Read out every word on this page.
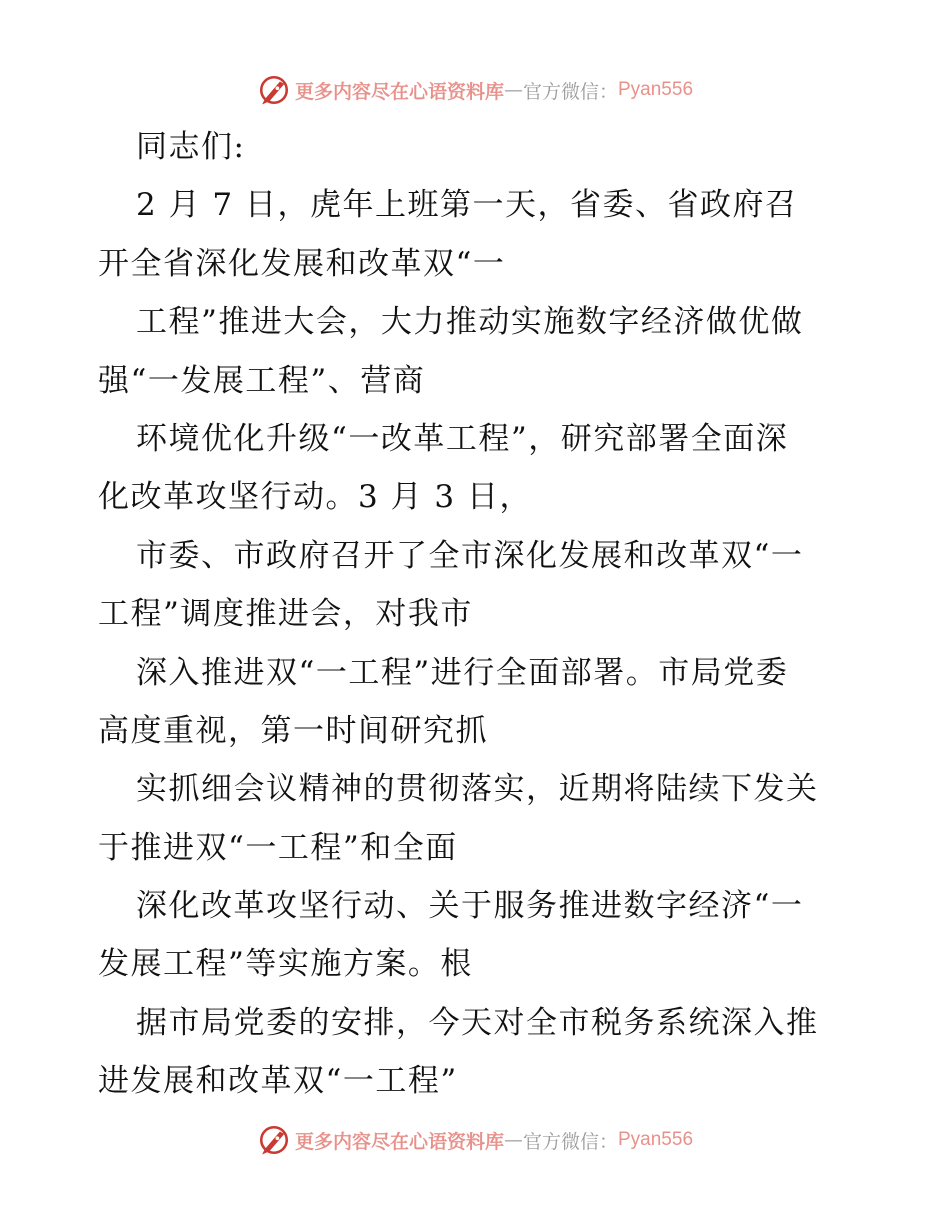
更多内容尽在心语资料库 — 官方微信： Pyan556
同志们:
2 月 7 日，虎年上班第一天，省委、省政府召
开全省深化发展和改革双“一
工程”推进大会，大力推动实施数字经济做优做
强“一发展工程”、营商
环境优化升级“一改革工程”，研究部署全面深
化改革攻坚行动。3 月 3 日，
市委、市政府召开了全市深化发展和改革双“一
工程”调度推进会，对我市
深入推进双“一工程”进行全面部署。市局党委
高度重视，第一时间研究抓
实抓细会议精神的贯彻落实，近期将陆续下发关
于推进双“一工程”和全面
深化改革攻坚行动、关于服务推进数字经济“一
发展工程”等实施方案。根
据市局党委的安排，今天对全市税务系统深入推
进发展和改革双“一工程”
更多内容尽在心语资料库 — 官方微信： Pyan556
